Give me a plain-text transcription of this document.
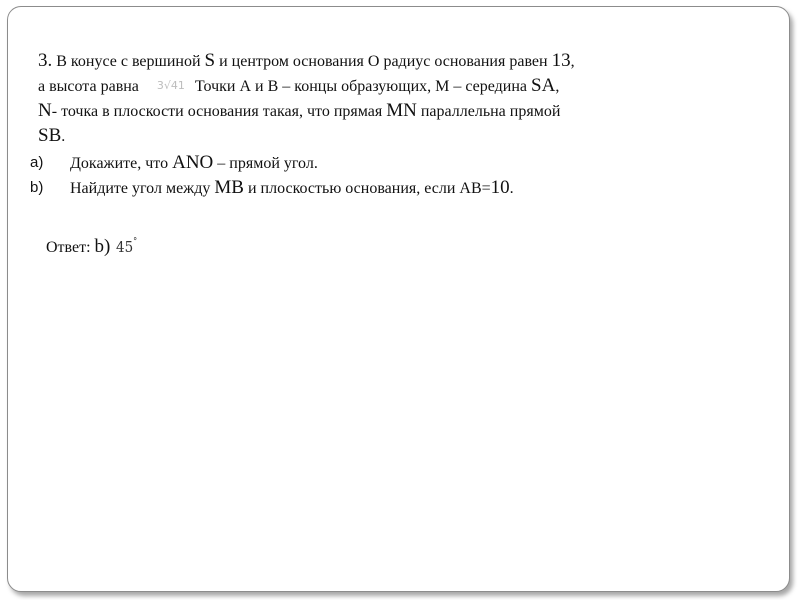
3. В конусе с вершиной S и центром основания O радиус основания равен 13,
а высота равна 3√41 Точки А и В – концы образующих, М – середина SA,
N- точка в плоскости основания такая, что прямая MN параллельна прямой
SB.
a) Докажите, что ANO – прямой угол.
b) Найдите угол между MB и плоскостью основания, если AB=10.
Ответ: b) 45°
